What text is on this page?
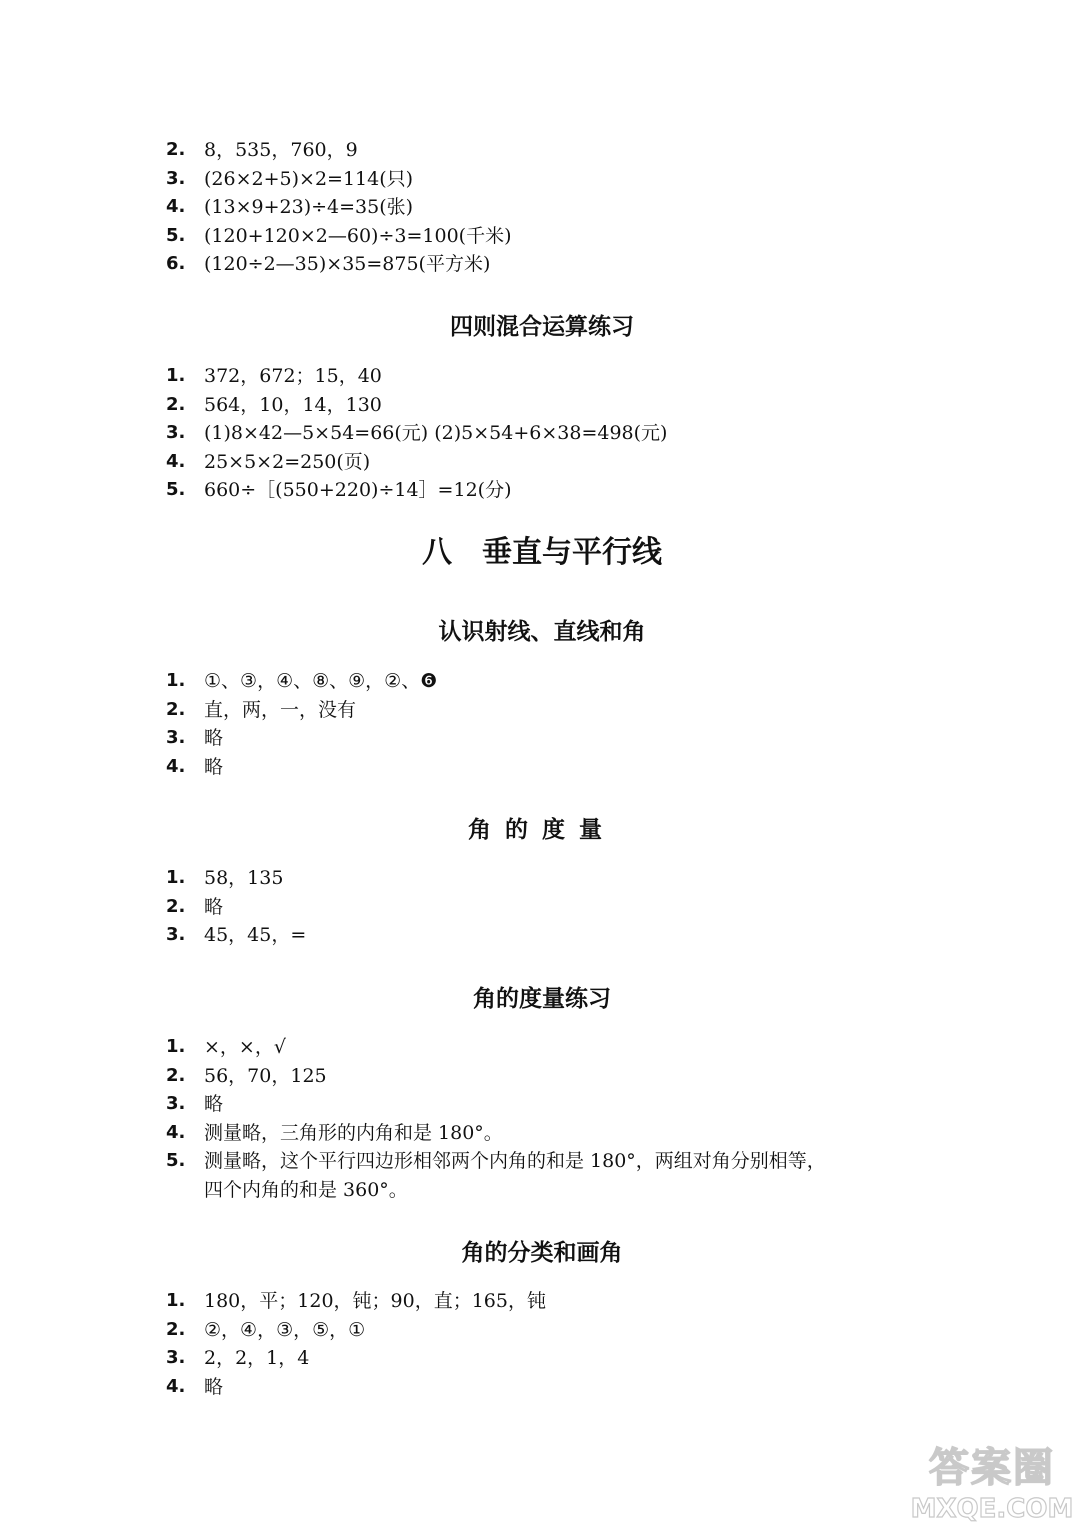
2. 8，535，760，9
3. (26×2+5)×2=114(只)
4. (13×9+23)÷4=35(张)
5. (120+120×2—60)÷3=100(千米)
6. (120÷2—35)×35=875(平方米)
四则混合运算练习
1. 372，672；15，40
2. 564，10，14，130
3. (1)8×42—5×54=66(元) (2)5×54+6×38=498(元)
4. 25×5×2=250(页)
5. 660÷［(550+220)÷14］=12(分)
八 垂直与平行线
认识射线、直线和角
1. ①、③，④、⑧、⑨，②、❻
2. 直，两，一，没有
3. 略
4. 略
角的度量
1. 58，135
2. 略
3. 45，45，=
角的度量练习
1. ×，×，√
2. 56，70，125
3. 略
4. 测量略，三角形的内角和是 180°。
5. 测量略，这个平行四边形相邻两个内角的和是 180°，两组对角分别相等，
四个内角的和是 360°。
角的分类和画角
1. 180，平；120，钝；90，直；165，钝
2. ②，④，③，⑤，①
3. 2，2，1，4
4. 略
答案圈
MXQE.COM
